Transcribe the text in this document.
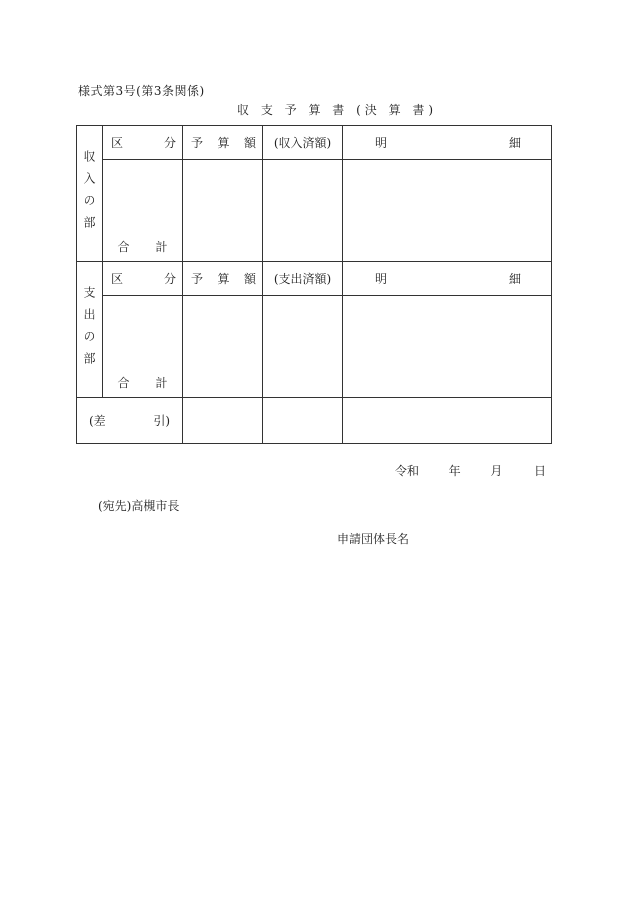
様式第3号(第3条関係)
収 支 予 算 書 (決 算 書)
収入の部	区 分	予 算 額	(収入済額)	明 細

	合 計			

支出の部	区 分	予 算 額	(支出済額)	明 細

	合 計			

(差 引)				

令和 年 月	日
(宛先)高槻市長
申請団体長名
